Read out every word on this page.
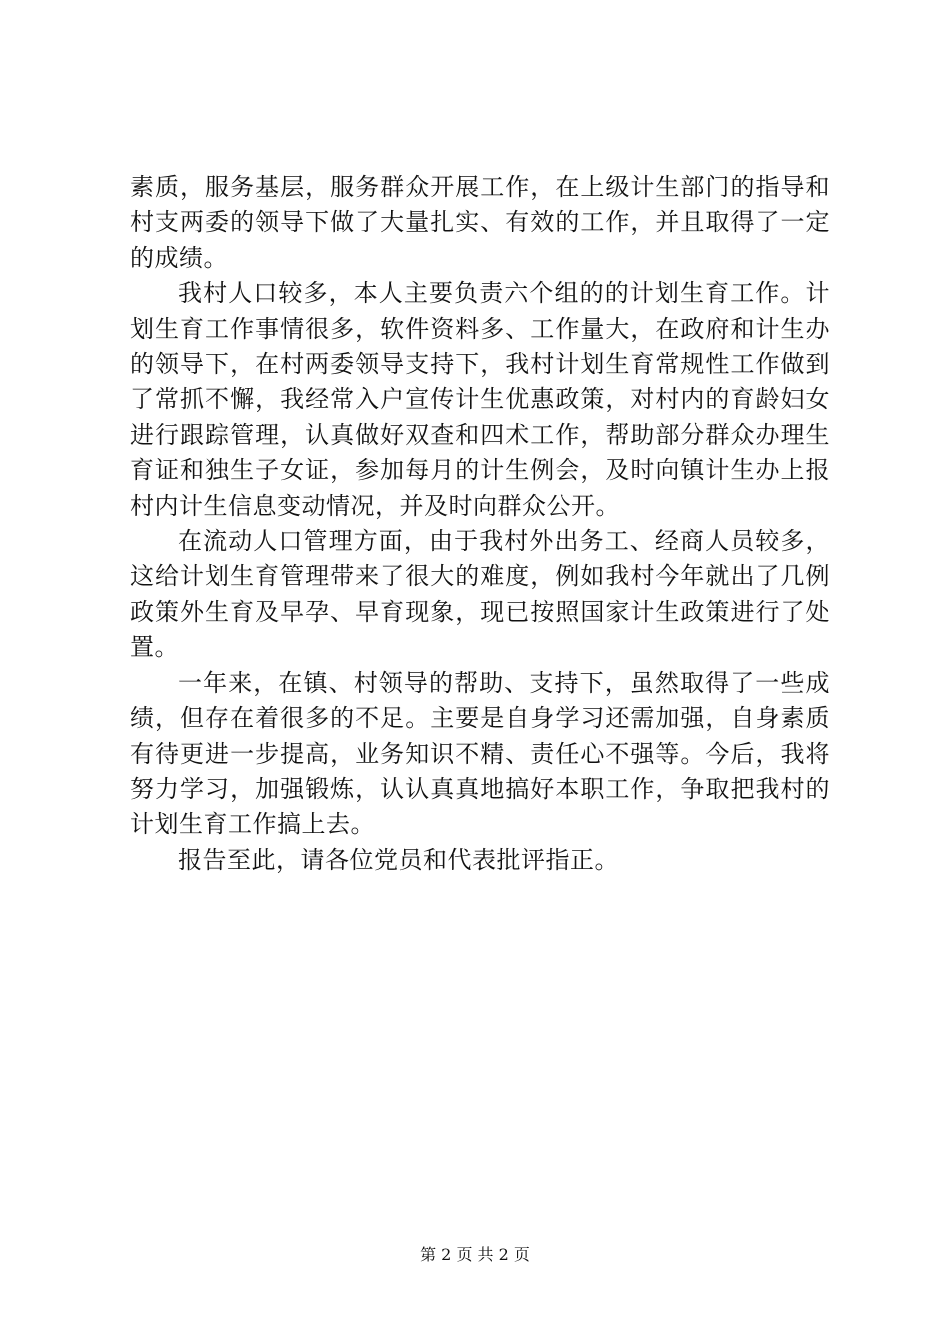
素质，服务基层，服务群众开展工作，在上级计生部门的指导和村支两委的领导下做了大量扎实、有效的工作，并且取得了一定的成绩。

我村人口较多，本人主要负责六个组的的计划生育工作。计划生育工作事情很多，软件资料多、工作量大，在政府和计生办的领导下，在村两委领导支持下，我村计划生育常规性工作做到了常抓不懈，我经常入户宣传计生优惠政策，对村内的育龄妇女进行跟踪管理，认真做好双查和四术工作，帮助部分群众办理生育证和独生子女证，参加每月的计生例会，及时向镇计生办上报村内计生信息变动情况，并及时向群众公开。

在流动人口管理方面，由于我村外出务工、经商人员较多，这给计划生育管理带来了很大的难度，例如我村今年就出了几例政策外生育及早孕、早育现象，现已按照国家计生政策进行了处置。

一年来，在镇、村领导的帮助、支持下，虽然取得了一些成绩，但存在着很多的不足。主要是自身学习还需加强，自身素质有待更进一步提高，业务知识不精、责任心不强等。今后，我将努力学习，加强锻炼，认认真真地搞好本职工作，争取把我村的计划生育工作搞上去。

报告至此，请各位党员和代表批评指正。

第 2 页 共 2 页
